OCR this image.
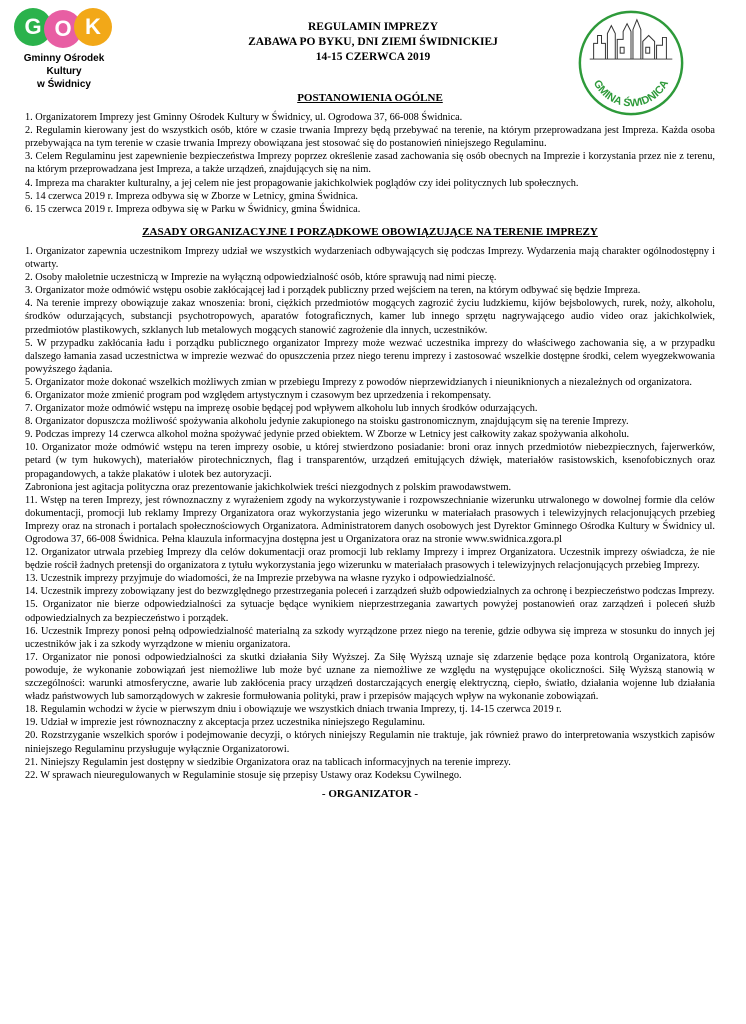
G O K
Gminny Ośrodek Kultury
w Świdnicy
REGULAMIN IMPREZY
ZABAWA PO BYKU, DNI ZIEMI ŚWIDNICKIEJ
14-15 CZERWCA 2019
GMINA ŚWIDNICA
POSTANOWIENIA OGÓLNE

1. Organizatorem Imprezy jest Gminny Ośrodek Kultury w Świdnicy, ul. Ogrodowa 37, 66-008 Świdnica.

2. Regulamin kierowany jest do wszystkich osób, które w czasie trwania Imprezy będą przebywać na terenie, na którym przeprowadzana jest Impreza. Każda osoba przebywająca na tym terenie w czasie trwania Imprezy obowiązana jest stosować się do postanowień niniejszego Regulaminu.

3. Celem Regulaminu jest zapewnienie bezpieczeństwa Imprezy poprzez określenie zasad zachowania się osób obecnych na Imprezie i korzystania przez nie z terenu, na którym przeprowadzana jest Impreza, a także urządzeń, znajdujących się na nim.

4. Impreza ma charakter kulturalny, a jej celem nie jest propagowanie jakichkolwiek poglądów czy idei politycznych lub społecznych.

5. 14 czerwca 2019 r. Impreza odbywa się w Zborze w Letnicy, gmina Świdnica.

6. 15 czerwca 2019 r. Impreza odbywa się w Parku w Świdnicy, gmina Świdnica.

ZASADY ORGANIZACYJNE I PORZĄDKOWE OBOWIĄZUJĄCE NA TERENIE IMPREZY

1. Organizator zapewnia uczestnikom Imprezy udział we wszystkich wydarzeniach odbywających się podczas Imprezy. Wydarzenia mają charakter ogólnodostępny i otwarty.

2. Osoby małoletnie uczestniczą w Imprezie na wyłączną odpowiedzialność osób, które sprawują nad nimi pieczę.

3. Organizator może odmówić wstępu osobie zakłócającej ład i porządek publiczny przed wejściem na teren, na którym odbywać się będzie Impreza.

4. Na terenie imprezy obowiązuje zakaz wnoszenia: broni, ciężkich przedmiotów mogących zagrozić życiu ludzkiemu, kijów bejsbolowych, rurek, noży, alkoholu, środków odurzających, substancji psychotropowych, aparatów fotograficznych, kamer lub innego sprzętu nagrywającego audio video oraz jakichkolwiek, przedmiotów plastikowych, szklanych lub metalowych mogących stanowić zagrożenie dla innych, uczestników.

5. W przypadku zakłócania ładu i porządku publicznego organizator Imprezy może wezwać uczestnika imprezy do właściwego zachowania się, a w przypadku dalszego łamania zasad uczestnictwa w imprezie wezwać do opuszczenia przez niego terenu imprezy i zastosować wszelkie dostępne środki, celem wyegzekwowania powyższego żądania.

5. Organizator może dokonać wszelkich możliwych zmian w przebiegu Imprezy z powodów nieprzewidzianych i nieuniknionych a niezależnych od organizatora.

6. Organizator może zmienić program pod względem artystycznym i czasowym bez uprzedzenia i rekompensaty.

7. Organizator może odmówić wstępu na imprezę osobie będącej pod wpływem alkoholu lub innych środków odurzających.

8. Organizator dopuszcza możliwość spożywania alkoholu jedynie zakupionego na stoisku gastronomicznym, znajdującym się na terenie Imprezy.

9. Podczas imprezy 14 czerwca alkohol można spożywać jedynie przed obiektem. W Zborze w Letnicy jest całkowity zakaz spożywania alkoholu.

10. Organizator może odmówić wstępu na teren imprezy osobie, u której stwierdzono posiadanie: broni oraz innych przedmiotów niebezpiecznych, fajerwerków, petard (w tym hukowych), materiałów pirotechnicznych, flag i transparentów, urządzeń emitujących dźwięk, materiałów rasistowskich, ksenofobicznych oraz propagandowych, a także plakatów i ulotek bez autoryzacji.

Zabroniona jest agitacja polityczna oraz prezentowanie jakichkolwiek treści niezgodnych z polskim prawodawstwem.

11. Wstęp na teren Imprezy, jest równoznaczny z wyrażeniem zgody na wykorzystywanie i rozpowszechnianie wizerunku utrwalonego w dowolnej formie dla celów dokumentacji, promocji lub reklamy Imprezy Organizatora oraz wykorzystania jego wizerunku w materiałach prasowych i telewizyjnych relacjonujących przebieg Imprezy oraz na stronach i portalach społecznościowych Organizatora. Administratorem danych osobowych jest Dyrektor Gminnego Ośrodka Kultury w Świdnicy ul. Ogrodowa 37, 66-008 Świdnica. Pełna klauzula informacyjna dostępna jest u Organizatora oraz na stronie www.swidnica.zgora.pl

12. Organizator utrwala przebieg Imprezy dla celów dokumentacji oraz promocji lub reklamy Imprezy i imprez Organizatora. Uczestnik imprezy oświadcza, że nie będzie rościł żadnych pretensji do organizatora z tytułu wykorzystania jego wizerunku w materiałach prasowych i telewizyjnych relacjonujących przebieg Imprezy.

13. Uczestnik imprezy przyjmuje do wiadomości, że na Imprezie przebywa na własne ryzyko i odpowiedzialność.

14. Uczestnik imprezy zobowiązany jest do bezwzględnego przestrzegania poleceń i zarządzeń służb odpowiedzialnych za ochronę i bezpieczeństwo podczas Imprezy.

15. Organizator nie bierze odpowiedzialności za sytuacje będące wynikiem nieprzestrzegania zawartych powyżej postanowień oraz zarządzeń i poleceń służb odpowiedzialnych za bezpieczeństwo i porządek.

16. Uczestnik Imprezy ponosi pełną odpowiedzialność materialną za szkody wyrządzone przez niego na terenie, gdzie odbywa się impreza w stosunku do innych jej uczestników jak i za szkody wyrządzone w mieniu organizatora.

17. Organizator nie ponosi odpowiedzialności za skutki działania Siły Wyższej. Za Siłę Wyższą uznaje się zdarzenie będące poza kontrolą Organizatora, które powoduje, że wykonanie zobowiązań jest niemożliwe lub może być uznane za niemożliwe ze względu na występujące okoliczności. Siłę Wyższą stanowią w szczególności: warunki atmosferyczne, awarie lub zakłócenia pracy urządzeń dostarczających energię elektryczną, ciepło, światło, działania wojenne lub działania władz państwowych lub samorządowych w zakresie formułowania polityki, praw i przepisów mających wpływ na wykonanie zobowiązań.

18. Regulamin wchodzi w życie w pierwszym dniu i obowiązuje we wszystkich dniach trwania Imprezy, tj. 14-15 czerwca 2019 r.

19. Udział w imprezie jest równoznaczny z akceptacja przez uczestnika niniejszego Regulaminu.

20. Rozstrzyganie wszelkich sporów i podejmowanie decyzji, o których niniejszy Regulamin nie traktuje, jak również prawo do interpretowania wszystkich zapisów niniejszego Regulaminu przysługuje wyłącznie Organizatorowi.

21. Niniejszy Regulamin jest dostępny w siedzibie Organizatora oraz na tablicach informacyjnych na terenie imprezy.

22. W sprawach nieuregulowanych w Regulaminie stosuje się przepisy Ustawy oraz Kodeksu Cywilnego.

- ORGANIZATOR -
